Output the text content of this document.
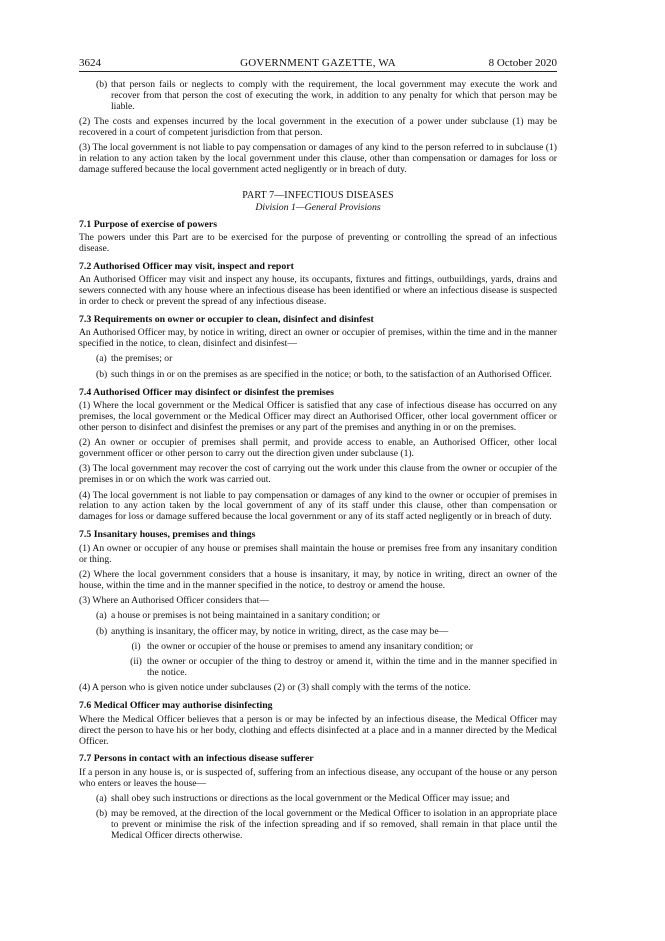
3624	GOVERNMENT GAZETTE, WA	8 October 2020
(b) that person fails or neglects to comply with the requirement, the local government may execute the work and recover from that person the cost of executing the work, in addition to any penalty for which that person may be liable.

(2) The costs and expenses incurred by the local government in the execution of a power under subclause (1) may be recovered in a court of competent jurisdiction from that person.

(3) The local government is not liable to pay compensation or damages of any kind to the person referred to in subclause (1) in relation to any action taken by the local government under this clause, other than compensation or damages for loss or damage suffered because the local government acted negligently or in breach of duty.

PART 7—INFECTIOUS DISEASES
Division 1—General Provisions
7.1 Purpose of exercise of powers

The powers under this Part are to be exercised for the purpose of preventing or controlling the spread of an infectious disease.

7.2 Authorised Officer may visit, inspect and report

An Authorised Officer may visit and inspect any house, its occupants, fixtures and fittings, outbuildings, yards, drains and sewers connected with any house where an infectious disease has been identified or where an infectious disease is suspected in order to check or prevent the spread of any infectious disease.

7.3 Requirements on owner or occupier to clean, disinfect and disinfest

An Authorised Officer may, by notice in writing, direct an owner or occupier of premises, within the time and in the manner specified in the notice, to clean, disinfect and disinfest—

(a) the premises; or
(b) such things in or on the premises as are specified in the notice; or both, to the satisfaction of an Authorised Officer.
7.4 Authorised Officer may disinfect or disinfest the premises

(1) Where the local government or the Medical Officer is satisfied that any case of infectious disease has occurred on any premises, the local government or the Medical Officer may direct an Authorised Officer, other local government officer or other person to disinfect and disinfest the premises or any part of the premises and anything in or on the premises.

(2) An owner or occupier of premises shall permit, and provide access to enable, an Authorised Officer, other local government officer or other person to carry out the direction given under subclause (1).

(3) The local government may recover the cost of carrying out the work under this clause from the owner or occupier of the premises in or on which the work was carried out.

(4) The local government is not liable to pay compensation or damages of any kind to the owner or occupier of premises in relation to any action taken by the local government of any of its staff under this clause, other than compensation or damages for loss or damage suffered because the local government or any of its staff acted negligently or in breach of duty.

7.5 Insanitary houses, premises and things

(1) An owner or occupier of any house or premises shall maintain the house or premises free from any insanitary condition or thing.

(2) Where the local government considers that a house is insanitary, it may, by notice in writing, direct an owner of the house, within the time and in the manner specified in the notice, to destroy or amend the house.

(3) Where an Authorised Officer considers that—

(a) a house or premises is not being maintained in a sanitary condition; or
(b) anything is insanitary, the officer may, by notice in writing, direct, as the case may be—
(i) the owner or occupier of the house or premises to amend any insanitary condition; or
(ii) the owner or occupier of the thing to destroy or amend it, within the time and in the manner specified in the notice.

(4) A person who is given notice under subclauses (2) or (3) shall comply with the terms of the notice.

7.6 Medical Officer may authorise disinfecting

Where the Medical Officer believes that a person is or may be infected by an infectious disease, the Medical Officer may direct the person to have his or her body, clothing and effects disinfected at a place and in a manner directed by the Medical Officer.

7.7 Persons in contact with an infectious disease sufferer

If a person in any house is, or is suspected of, suffering from an infectious disease, any occupant of the house or any person who enters or leaves the house—

(a) shall obey such instructions or directions as the local government or the Medical Officer may issue; and
(b) may be removed, at the direction of the local government or the Medical Officer to isolation in an appropriate place to prevent or minimise the risk of the infection spreading and if so removed, shall remain in that place until the Medical Officer directs otherwise.
